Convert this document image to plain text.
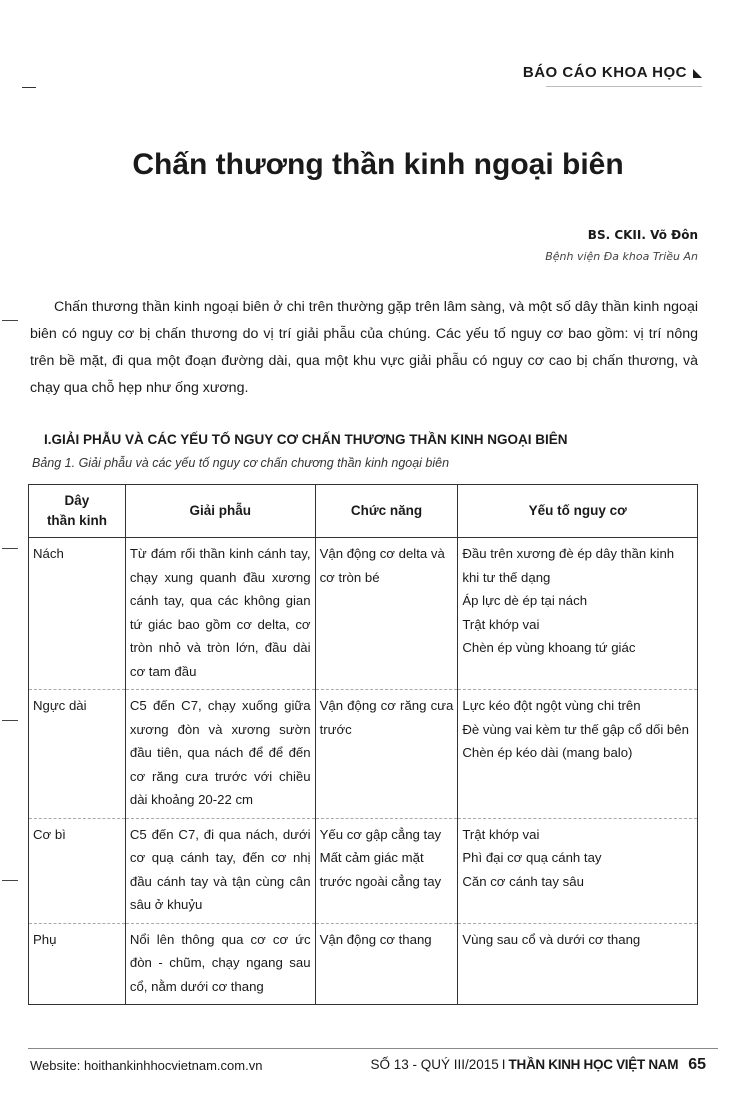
BÁO CÁO KHOA HỌC
Chấn thương thần kinh ngoại biên
BS. CKII. Võ Đôn
Bệnh viện Đa khoa Triều An
Chấn thương thần kinh ngoại biên ở chi trên thường gặp trên lâm sàng, và một số dây thần kinh ngoại biên có nguy cơ bị chấn thương do vị trí giải phẫu của chúng. Các yếu tố nguy cơ bao gồm: vị trí nông trên bề mặt, đi qua một đoạn đường dài, qua một khu vực giải phẫu có nguy cơ cao bị chấn thương, và chạy qua chỗ hẹp như ống xương.
I.GIẢI PHẪU VÀ CÁC YẾU TỐ NGUY CƠ CHẤN THƯƠNG THẦN KINH NGOẠI BIÊN
Bảng 1. Giải phẫu và các yếu tố nguy cơ chấn chương thần kinh ngoại biên
Dây
thần kinh	Giải phẫu	Chức năng	Yếu tố nguy cơ
Nách	Từ đám rối thần kinh cánh tay, chạy xung quanh đầu xương cánh tay, qua các không gian tứ giác bao gồm cơ delta, cơ tròn nhỏ và tròn lớn, đầu dài cơ tam đầu	Vận động cơ delta và cơ tròn bé	Đầu trên xương đè ép dây thần kinh khi tư thế dạng
Áp lực dè ép tại nách
Trật khớp vai
Chèn ép vùng khoang tứ giác

Ngực dài	C5 đến C7, chạy xuống giữa xương đòn và xương sườn đầu tiên, qua nách để để đến cơ răng cưa trước với chiều dài khoảng 20-22 cm	Vận động cơ răng cưa trước	Lực kéo đột ngột vùng chi trên
Đè vùng vai kèm tư thế gập cổ dối bên
Chèn ép kéo dài (mang balo)

Cơ bì	C5 đến C7, đi qua nách, dưới cơ quạ cánh tay, đến cơ nhị đầu cánh tay và tận cùng cân sâu ở khuỷu	Yếu cơ gập cẳng tay Mất cảm giác mặt trước ngoài cẳng tay	Trật khớp vai
Phì đại cơ quạ cánh tay
Căn cơ cánh tay sâu

Phụ	Nổi lên thông qua cơ cơ ức đòn - chũm, chạy ngang sau cổ, nằm dưới cơ thang	Vận động cơ thang	Vùng sau cổ và dưới cơ thang
Website: hoithankinhhocvietnam.com.vn	SỐ 13 - QUÝ III/2015 I THẦN KINH HỌC VIỆT NAM 65
